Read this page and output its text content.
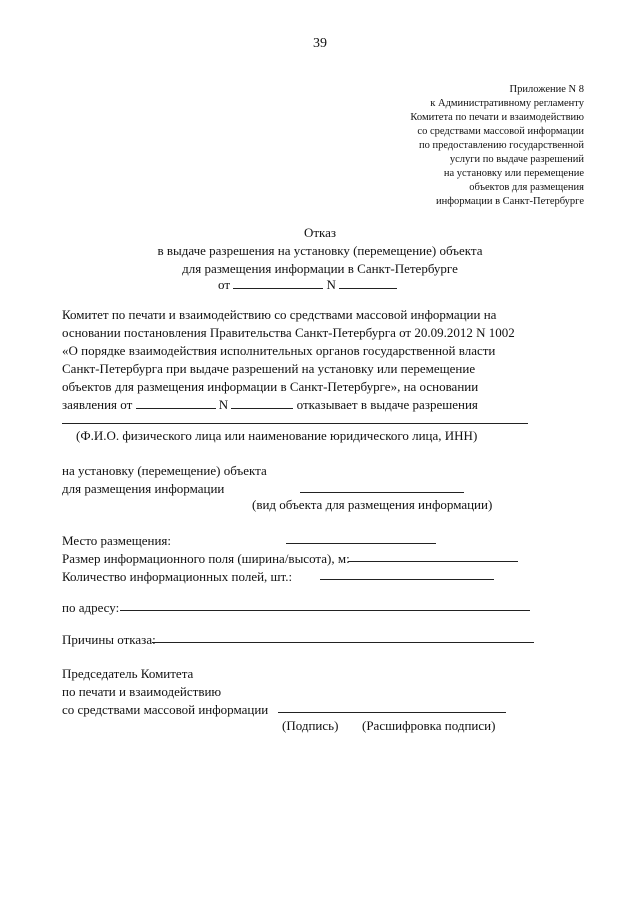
39
Приложение N 8
к Административному регламенту
Комитета по печати и взаимодействию
со средствами массовой информации
по предоставлению государственной
услуги по выдаче разрешений
на установку или перемещение
объектов для размещения
информации в Санкт-Петербурге
Отказ
в выдаче разрешения на установку (перемещение) объекта
для размещения информации в Санкт-Петербурге
от	N
Комитет по печати и взаимодействию со средствами массовой информации на
основании постановления Правительства Санкт-Петербурга от 20.09.2012 N 1002
«О порядке взаимодействия исполнительных органов государственной власти
Санкт-Петербурга при выдаче разрешений на установку или перемещение
объектов для размещения информации в Санкт-Петербурге», на основании
заявления от	N	отказывает в выдаче разрешения
(Ф.И.О. физического лица или наименование юридического лица, ИНН)
на установку (перемещение) объекта
для размещения информации
(вид объекта для размещения информации)
Место размещения:
Размер информационного поля (ширина/высота), м:
Количество информационных полей, шт.:
по адресу:
Причины отказа:
Председатель Комитета
по печати и взаимодействию
со средствами массовой информации
(Подпись) (Расшифровка подписи)
